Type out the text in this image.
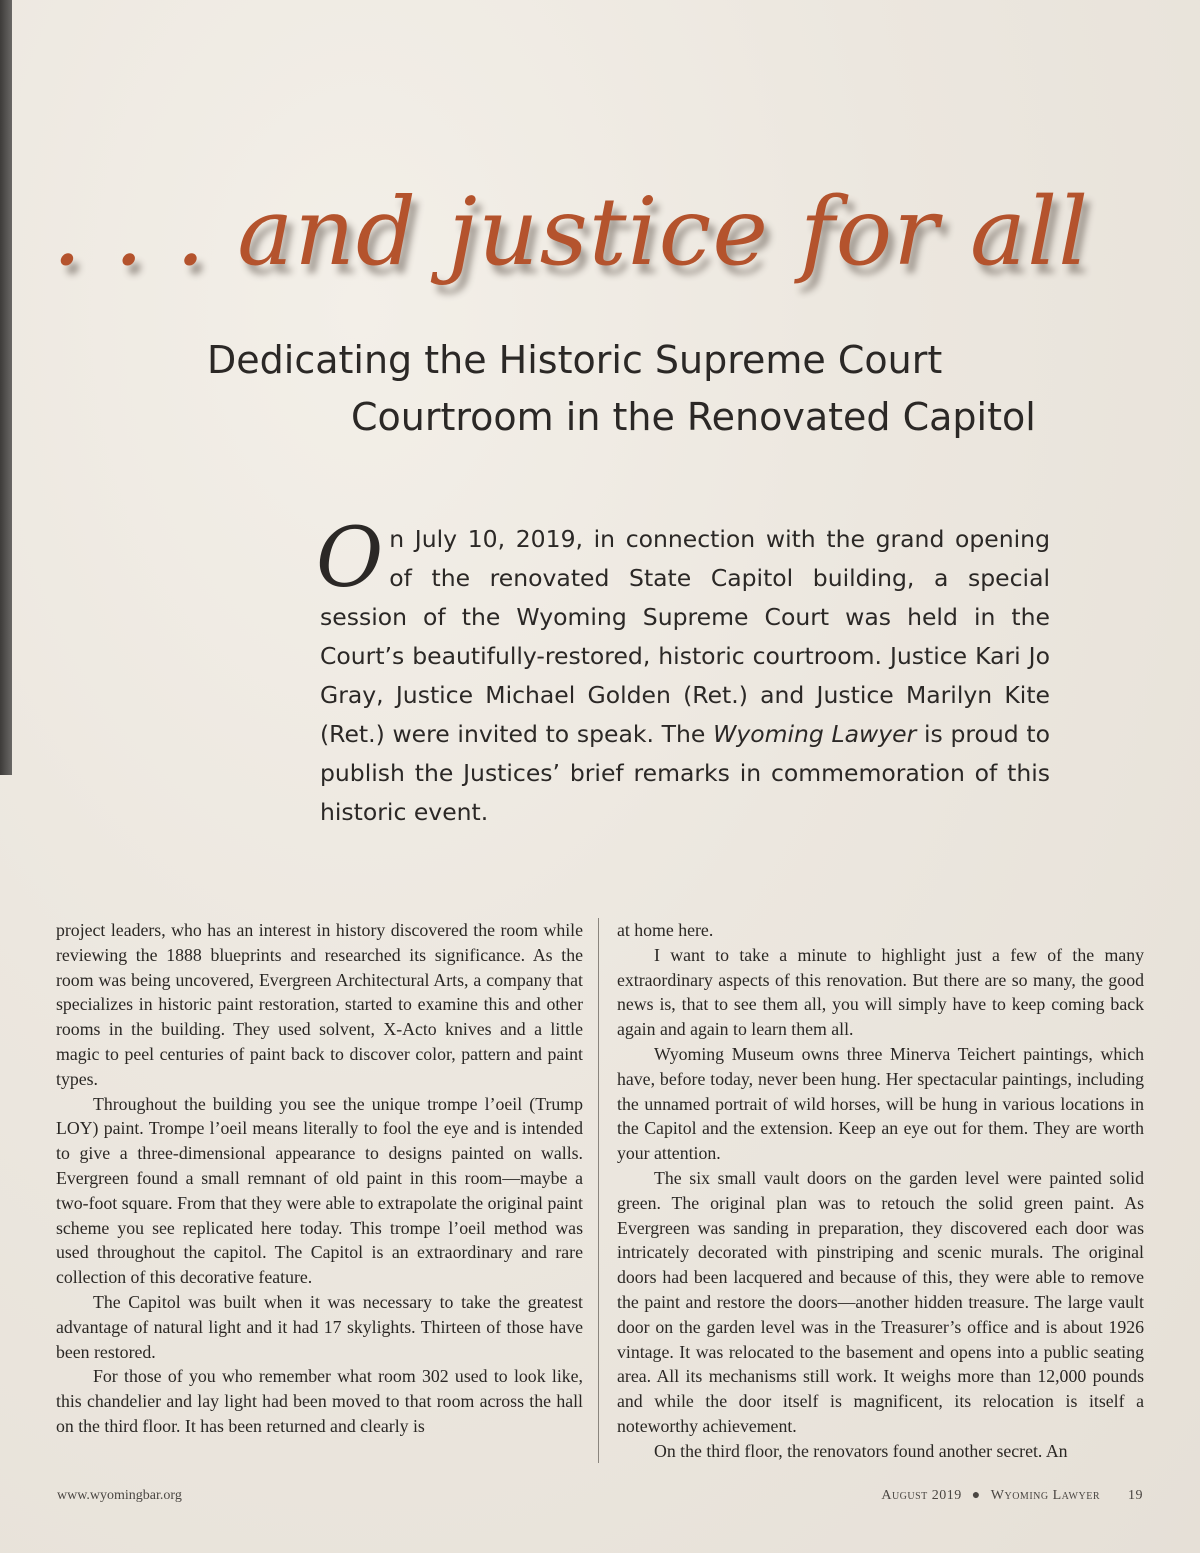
. . . and justice for all
Dedicating the Historic Supreme Court
Courtroom in the Renovated Capitol

On July 10, 2019, in connection with the grand opening of the renovated State Capitol building, a special session of the Wyoming Supreme Court was held in the Court’s beautifully-restored, historic courtroom. Justice Kari Jo Gray, Justice Michael Golden (Ret.) and Justice Marilyn Kite (Ret.) were invited to speak. The Wyoming Lawyer is proud to publish the Justices’ brief remarks in commemoration of this historic event.

project leaders, who has an interest in history discovered the room while reviewing the 1888 blueprints and researched its significance. As the room was being uncovered, Evergreen Architectural Arts, a company that specializes in historic paint restoration, started to examine this and other rooms in the building. They used solvent, X-Acto knives and a little magic to peel centuries of paint back to discover color, pattern and paint types.

Throughout the building you see the unique trompe l’oeil (Trump LOY) paint. Trompe l’oeil means literally to fool the eye and is intended to give a three-dimensional appearance to designs painted on walls. Evergreen found a small remnant of old paint in this room—maybe a two-foot square. From that they were able to extrapolate the original paint scheme you see replicated here today. This trompe l’oeil method was used throughout the capitol. The Capitol is an extraordinary and rare collection of this decorative feature.

The Capitol was built when it was necessary to take the greatest advantage of natural light and it had 17 skylights. Thirteen of those have been restored.

For those of you who remember what room 302 used to look like, this chandelier and lay light had been moved to that room across the hall on the third floor. It has been returned and clearly is

at home here.

I want to take a minute to highlight just a few of the many extraordinary aspects of this renovation. But there are so many, the good news is, that to see them all, you will simply have to keep coming back again and again to learn them all.

Wyoming Museum owns three Minerva Teichert paintings, which have, before today, never been hung. Her spectacular paintings, including the unnamed portrait of wild horses, will be hung in various locations in the Capitol and the extension. Keep an eye out for them. They are worth your attention.

The six small vault doors on the garden level were painted solid green. The original plan was to retouch the solid green paint. As Evergreen was sanding in preparation, they discovered each door was intricately decorated with pinstriping and scenic murals. The original doors had been lacquered and because of this, they were able to remove the paint and restore the doors—another hidden treasure. The large vault door on the garden level was in the Treasurer’s office and is about 1926 vintage. It was relocated to the basement and opens into a public seating area. All its mechanisms still work. It weighs more than 12,000 pounds and while the door itself is magnificent, its relocation is itself a noteworthy achievement.

On the third floor, the renovators found another secret. An

www.wyomingbar.org	August 2019 ● Wyoming Lawyer 19
